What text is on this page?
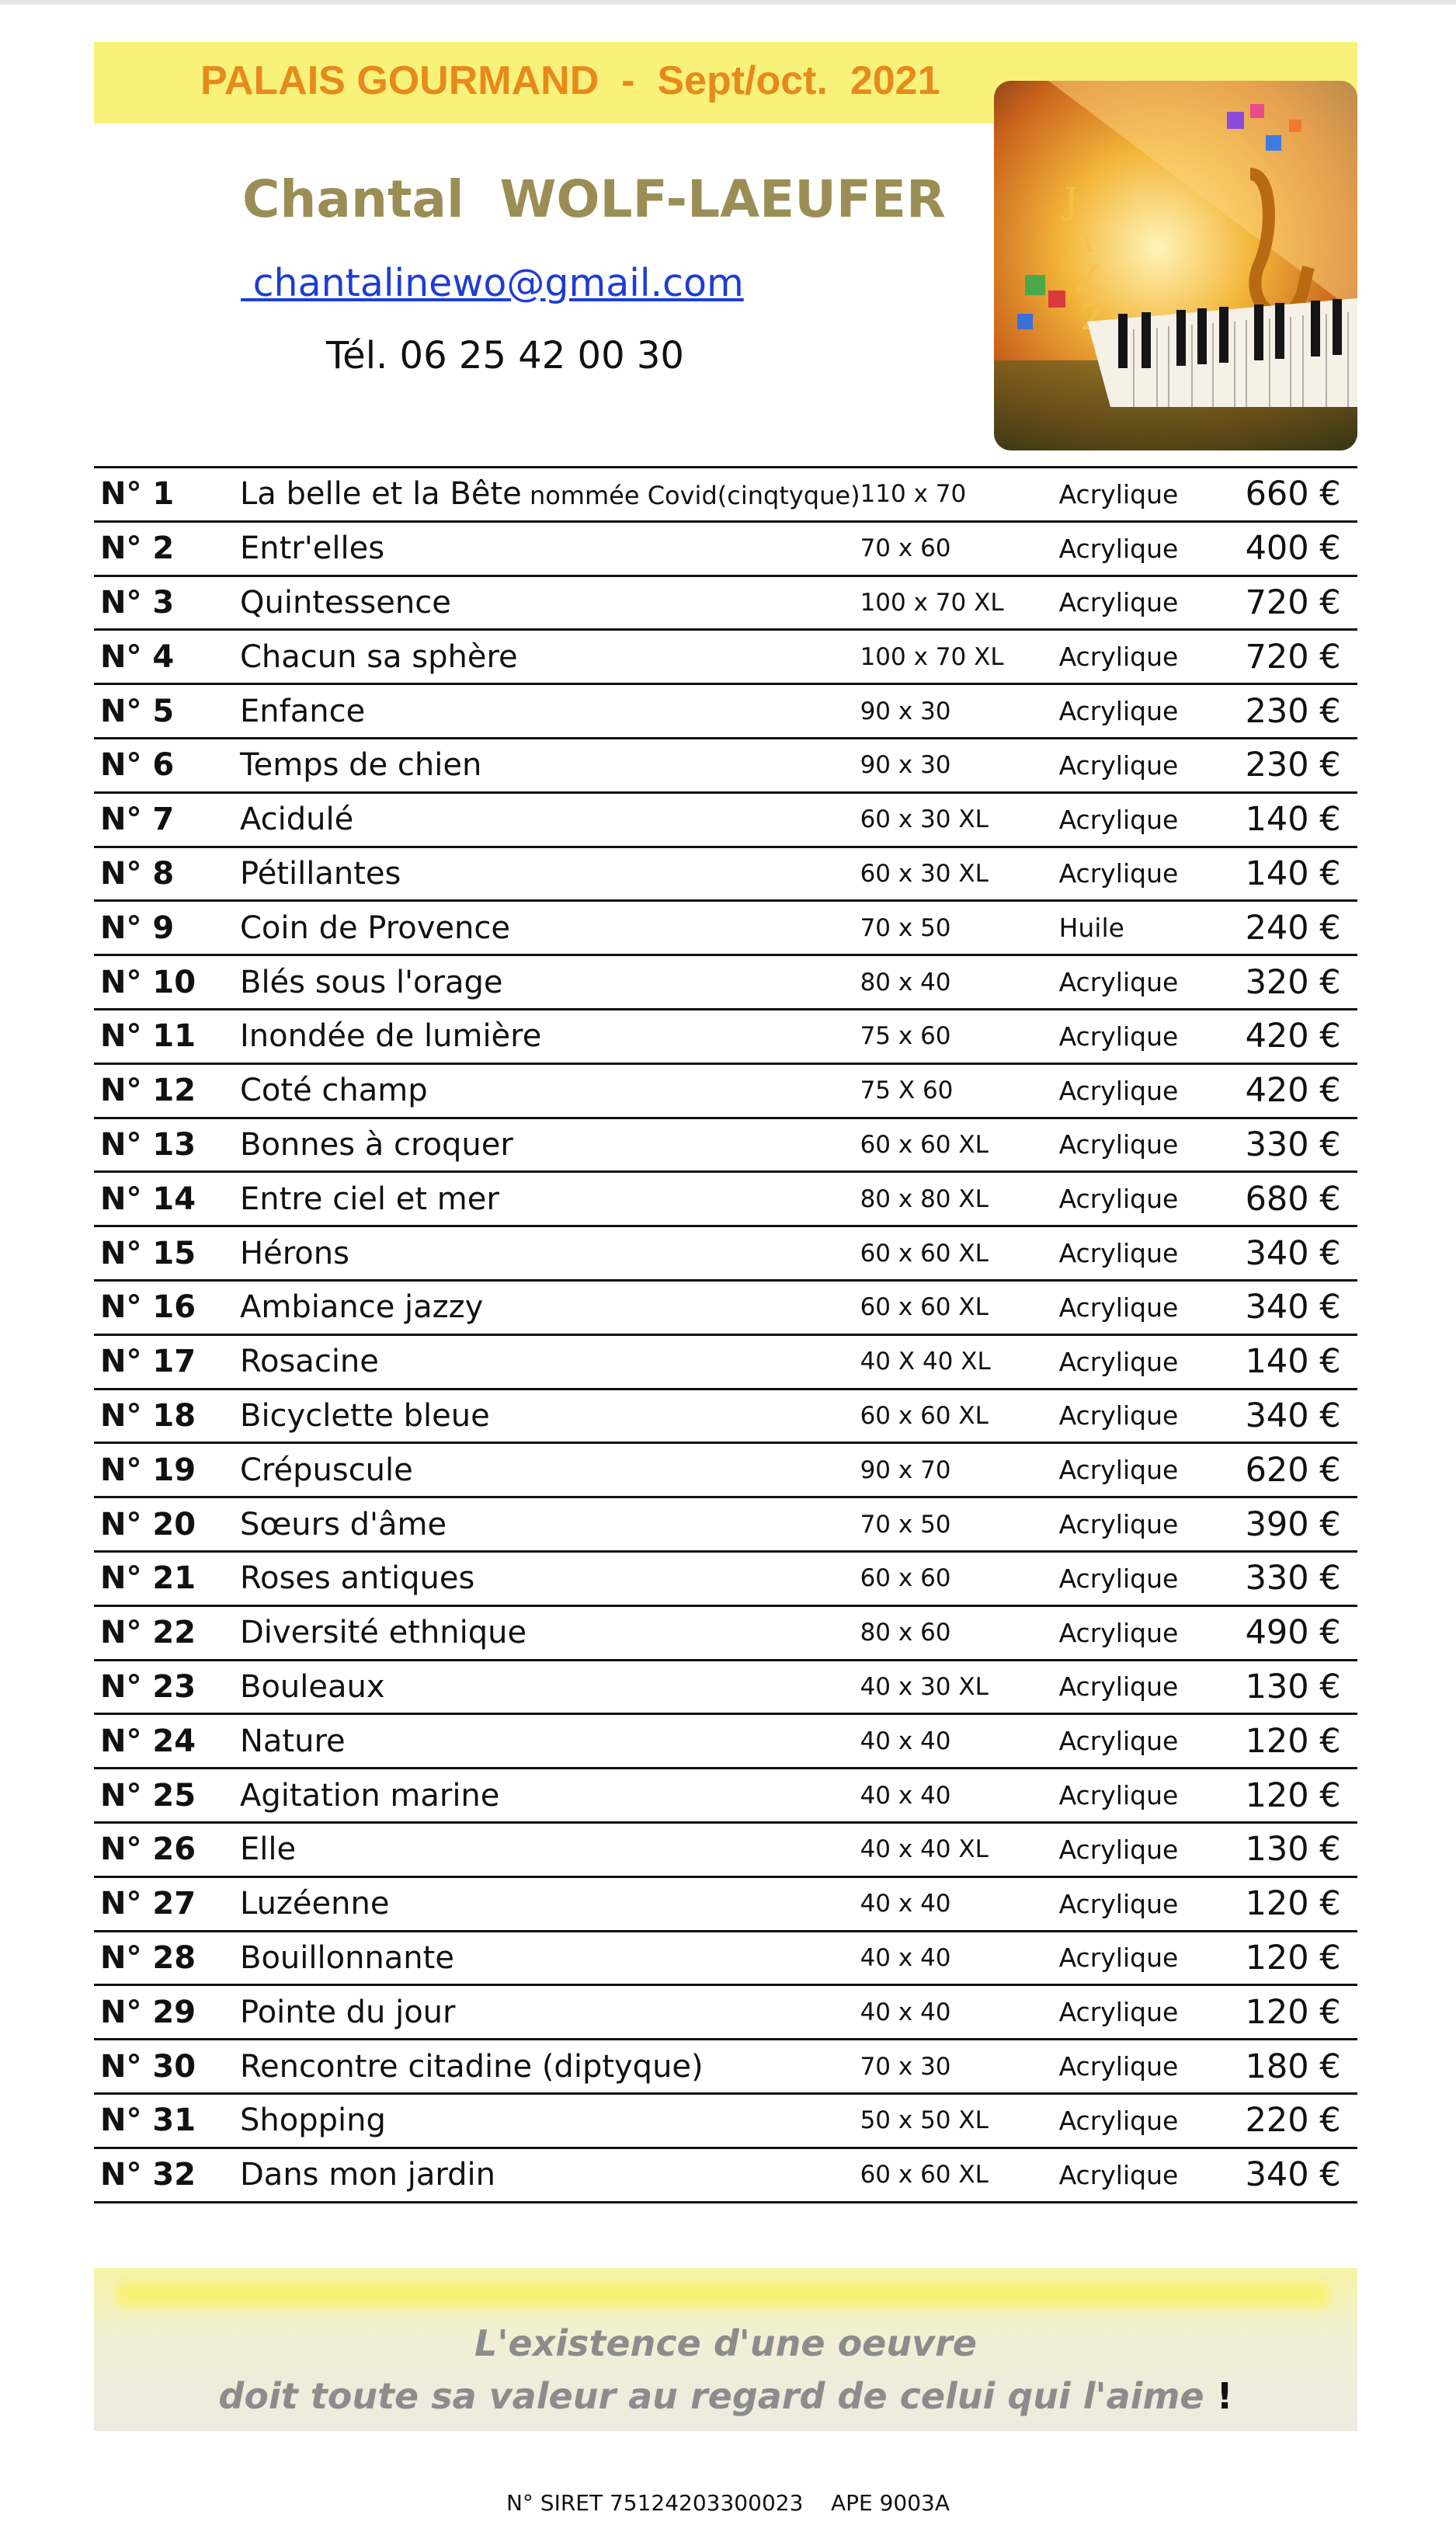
PALAIS GOURMAND  -  Sept/oct.  2021
Chantal  WOLF-LAEUFER
chantalinewo@gmail.com
Tél. 06 25 42 00 30
J
A
Z
Z
N° 1	La belle et la Bête nommée Covid(cinqtyque)	110 x 70	Acrylique	660 €
N° 2	Entr'elles	70 x 60	Acrylique	400 €
N° 3	Quintessence	100 x 70 XL	Acrylique	720 €
N° 4	Chacun sa sphère	100 x 70 XL	Acrylique	720 €
N° 5	Enfance	90 x 30	Acrylique	230 €
N° 6	Temps de chien	90 x 30	Acrylique	230 €
N° 7	Acidulé	60 x 30 XL	Acrylique	140 €
N° 8	Pétillantes	60 x 30 XL	Acrylique	140 €
N° 9	Coin de Provence	70 x 50	Huile	240 €
N° 10	Blés sous l'orage	80 x 40	Acrylique	320 €
N° 11	Inondée de lumière	75 x 60	Acrylique	420 €
N° 12	Coté champ	75 X 60	Acrylique	420 €
N° 13	Bonnes à croquer	60 x 60 XL	Acrylique	330 €
N° 14	Entre ciel et mer	80 x 80 XL	Acrylique	680 €
N° 15	Hérons	60 x 60 XL	Acrylique	340 €
N° 16	Ambiance jazzy	60 x 60 XL	Acrylique	340 €
N° 17	Rosacine	40 X 40 XL	Acrylique	140 €
N° 18	Bicyclette bleue	60 x 60 XL	Acrylique	340 €
N° 19	Crépuscule	90 x 70	Acrylique	620 €
N° 20	Sœurs d'âme	70 x 50	Acrylique	390 €
N° 21	Roses antiques	60 x 60	Acrylique	330 €
N° 22	Diversité ethnique	80 x 60	Acrylique	490 €
N° 23	Bouleaux	40 x 30 XL	Acrylique	130 €
N° 24	Nature	40 x 40	Acrylique	120 €
N° 25	Agitation marine	40 x 40	Acrylique	120 €
N° 26	Elle	40 x 40 XL	Acrylique	130 €
N° 27	Luzéenne	40 x 40	Acrylique	120 €
N° 28	Bouillonnante	40 x 40	Acrylique	120 €
N° 29	Pointe du jour	40 x 40	Acrylique	120 €
N° 30	Rencontre citadine (diptyque)	70 x 30	Acrylique	180 €
N° 31	Shopping	50 x 50 XL	Acrylique	220 €
N° 32	Dans mon jardin	60 x 60 XL	Acrylique	340 €
L'existence d'une oeuvre
doit toute sa valeur au regard de celui qui l'aime !
N° SIRET 75124203300023    APE 9003A
